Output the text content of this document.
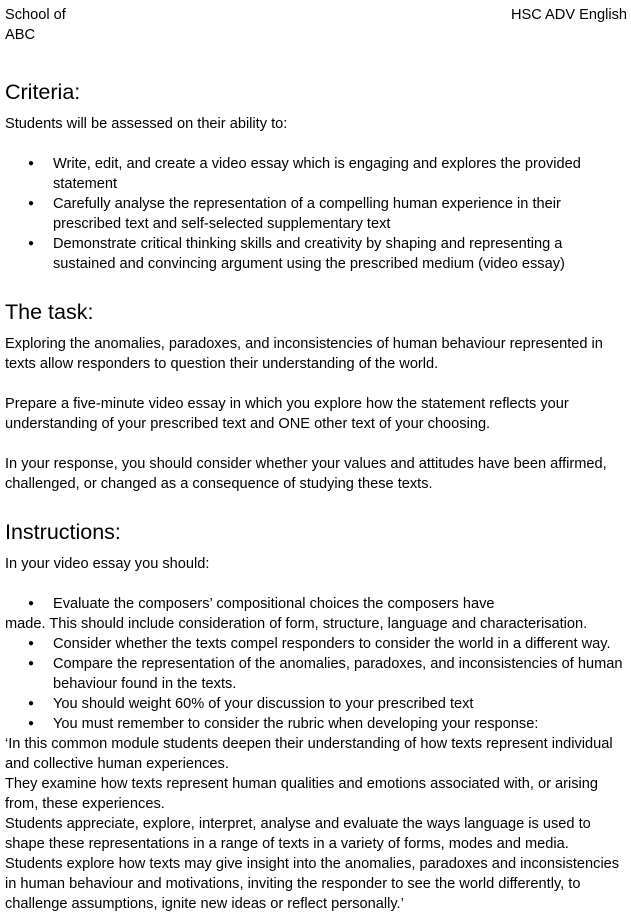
School of ABC
HSC ADV English
Criteria:

Students will be assessed on their ability to:

● Write, edit, and create a video essay which is engaging and explores the provided statement
● Carefully analyse the representation of a compelling human experience in their prescribed text and self-selected supplementary text
● Demonstrate critical thinking skills and creativity by shaping and representing a sustained and convincing argument using the prescribed medium (video essay)
The task:

Exploring the anomalies, paradoxes, and inconsistencies of human behaviour represented in texts allow responders to question their understanding of the world.

Prepare a five-minute video essay in which you explore how the statement reflects your understanding of your prescribed text and ONE other text of your choosing.

In your response, you should consider whether your values and attitudes have been affirmed, challenged, or changed as a consequence of studying these texts.

Instructions:

In your video essay you should:

● Evaluate the composers’ compositional choices the composers have

made. This should include consideration of form, structure, language and characterisation.

● Consider whether the texts compel responders to consider the world in a different way.
● Compare the representation of the anomalies, paradoxes, and inconsistencies of human behaviour found in the texts.
● You should weight 60% of your discussion to your prescribed text
● You must remember to consider the rubric when developing your response:

‘In this common module students deepen their understanding of how texts represent individual and collective human experiences.

They examine how texts represent human qualities and emotions associated with, or arising from, these experiences.

Students appreciate, explore, interpret, analyse and evaluate the ways language is used to shape these representations in a range of texts in a variety of forms, modes and media.

Students explore how texts may give insight into the anomalies, paradoxes and inconsistencies in human behaviour and motivations, inviting the responder to see the world differently, to challenge assumptions, ignite new ideas or reflect personally.’
